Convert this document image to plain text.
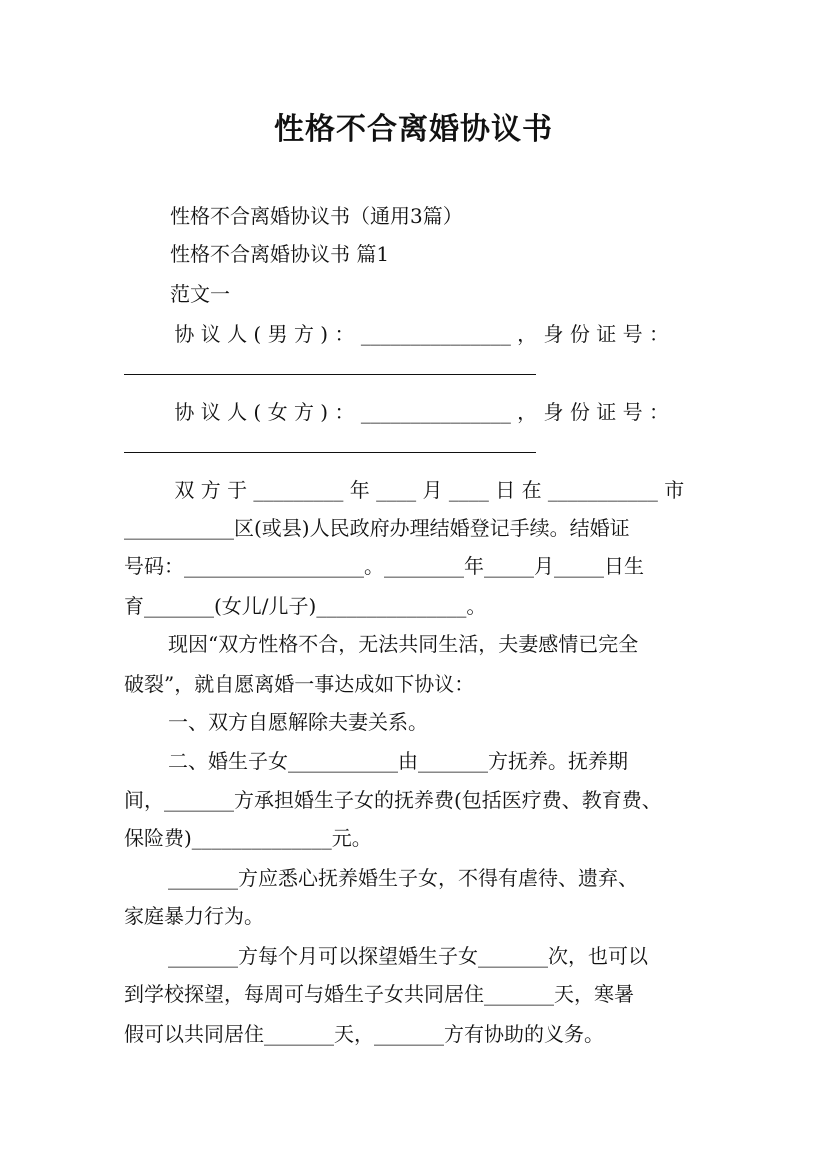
性格不合离婚协议书
性格不合离婚协议书（通用3篇）
性格不合离婚协议书 篇1
范文一
协 议 人 ( 男 方 ) ： _______________ ， 身 份 证 号 ：
协 议 人 ( 女 方 ) ： _______________ ， 身 份 证 号 ：
双 方 于 _________ 年 ____ 月 ____ 日 在 ___________ 市
___________区(或县)人民政府办理结婚登记手续。结婚证
号码：__________________。________年_____月_____日生
育_______(女儿/儿子)_______________。
现因“双方性格不合，无法共同生活，夫妻感情已完全
破裂”，就自愿离婚一事达成如下协议：
一、双方自愿解除夫妻关系。
二、婚生子女___________由_______方抚养。抚养期
间，_______方承担婚生子女的抚养费(包括医疗费、教育费、
保险费)______________元。
_______方应悉心抚养婚生子女，不得有虐待、遗弃、
家庭暴力行为。
_______方每个月可以探望婚生子女_______次，也可以
到学校探望，每周可与婚生子女共同居住_______天，寒暑
假可以共同居住_______天，_______方有协助的义务。
